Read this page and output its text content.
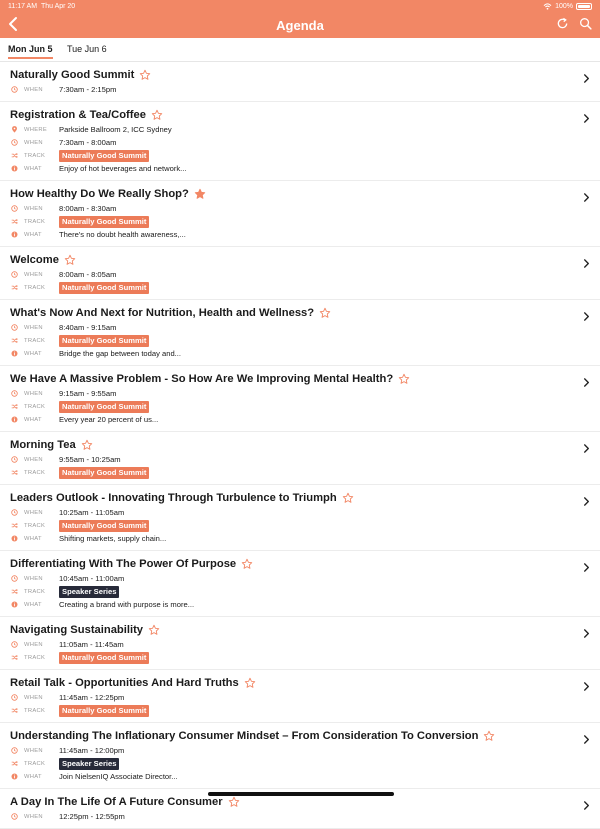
11:17 AM Thu Apr 20	100%
Agenda
Mon Jun 5 Tue Jun 6
Naturally Good Summit
WHEN	7:30am - 2:15pm
Registration & Tea/Coffee
WHERE	Parkside Ballroom 2, ICC Sydney
WHEN	7:30am - 8:00am
TRACK	Naturally Good Summit
WHAT	Enjoy of hot beverages and network...
How Healthy Do We Really Shop?
WHEN	8:00am - 8:30am
TRACK	Naturally Good Summit
WHAT	There's no doubt health awareness,...
Welcome
WHEN	8:00am - 8:05am
TRACK	Naturally Good Summit
What's Now And Next for Nutrition, Health and Wellness?
WHEN	8:40am - 9:15am
TRACK	Naturally Good Summit
WHAT	Bridge the gap between today and...
We Have A Massive Problem - So How Are We Improving Mental Health?
WHEN	9:15am - 9:55am
TRACK	Naturally Good Summit
WHAT	Every year 20 percent of us...
Morning Tea
WHEN	9:55am - 10:25am
TRACK	Naturally Good Summit
Leaders Outlook - Innovating Through Turbulence to Triumph
WHEN	10:25am - 11:05am
TRACK	Naturally Good Summit
WHAT	Shifting markets, supply chain...
Differentiating With The Power Of Purpose
WHEN	10:45am - 11:00am
TRACK	Speaker Series
WHAT	Creating a brand with purpose is more...
Navigating Sustainability
WHEN	11:05am - 11:45am
TRACK	Naturally Good Summit
Retail Talk - Opportunities And Hard Truths
WHEN	11:45am - 12:25pm
TRACK	Naturally Good Summit
Understanding The Inflationary Consumer Mindset – From Consideration To Conversion
WHEN	11:45am - 12:00pm
TRACK	Speaker Series
WHAT	Join NielsenIQ Associate Director...
A Day In The Life Of A Future Consumer
WHEN	12:25pm - 12:55pm
